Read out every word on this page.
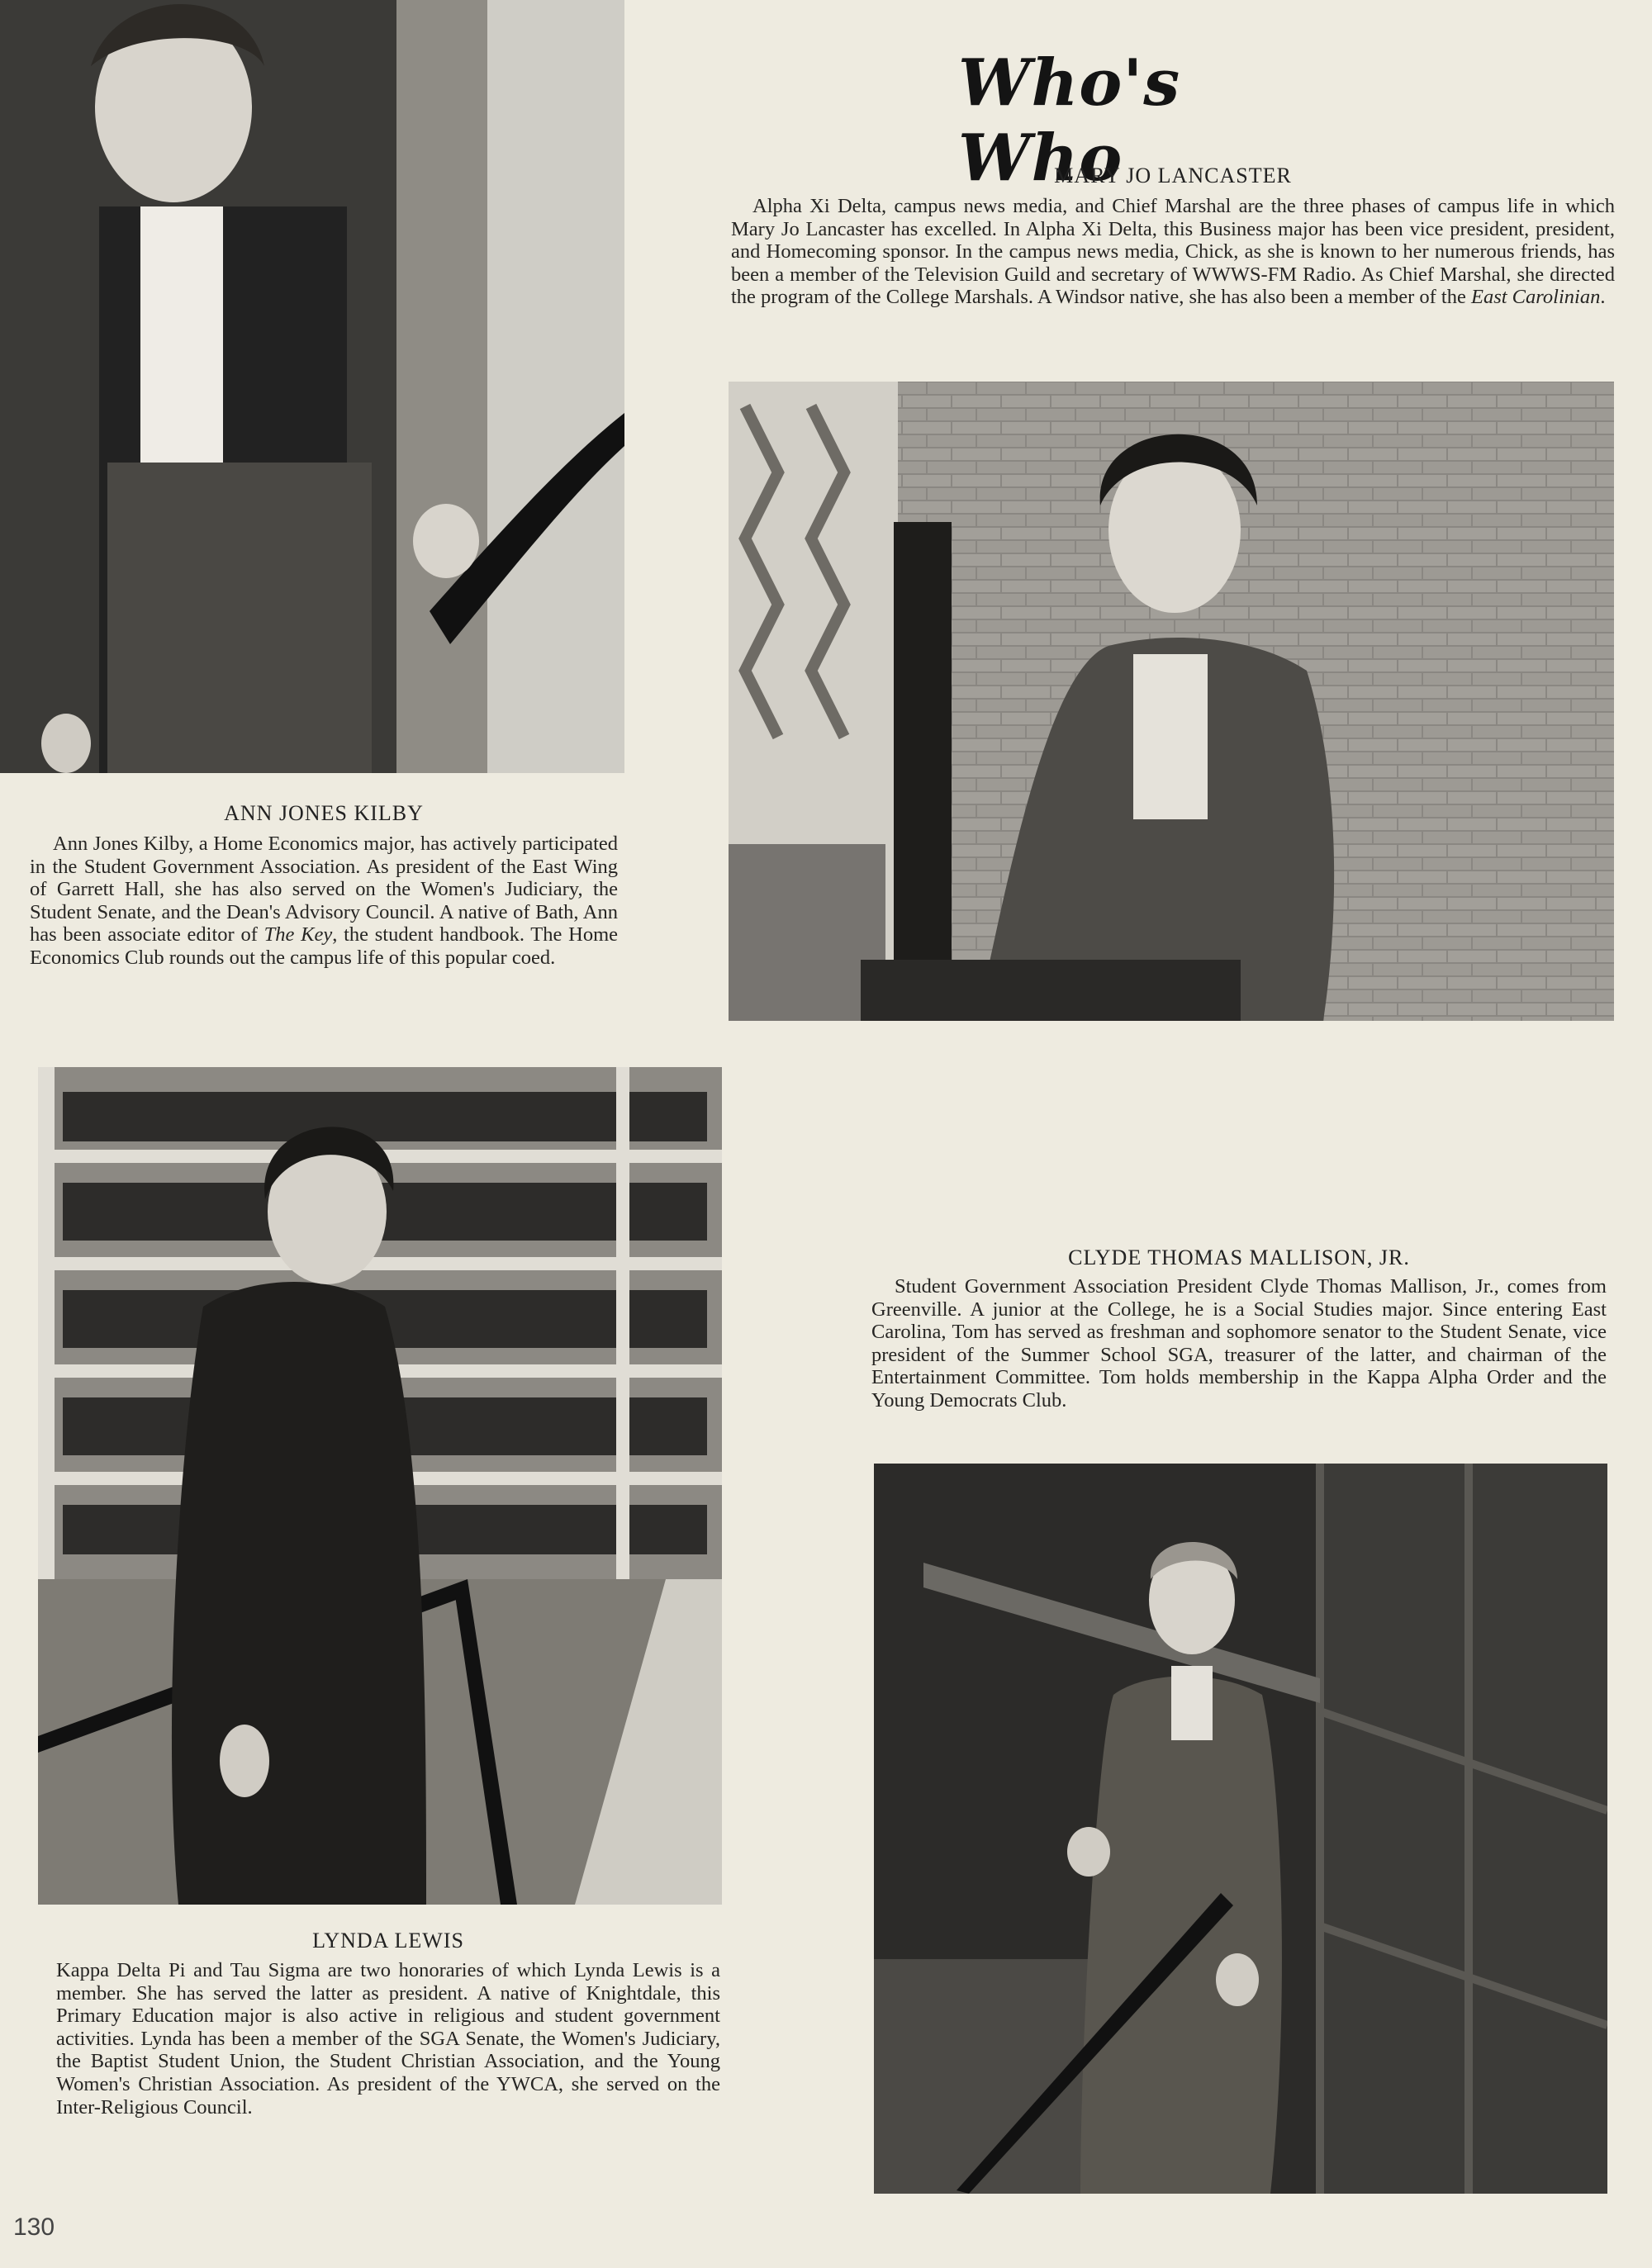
Who's Who
MARY JO LANCASTER

Alpha Xi Delta, campus news media, and Chief Marshal are the three phases of campus life in which Mary Jo Lancaster has excelled. In Alpha Xi Delta, this Business major has been vice president, president, and Homecoming sponsor. In the campus news media, Chick, as she is known to her numerous friends, has been a member of the Television Guild and secretary of WWWS-FM Radio. As Chief Marshal, she directed the program of the College Marshals. A Windsor native, she has also been a member of the East Carolinian.

ANN JONES KILBY

Ann Jones Kilby, a Home Economics major, has actively participated in the Student Government Association. As president of the East Wing of Garrett Hall, she has also served on the Women's Judiciary, the Student Senate, and the Dean's Advisory Council. A native of Bath, Ann has been associate editor of The Key, the student handbook. The Home Economics Club rounds out the campus life of this popular coed.

LYNDA LEWIS

Kappa Delta Pi and Tau Sigma are two honoraries of which Lynda Lewis is a member. She has served the latter as president. A native of Knightdale, this Primary Education major is also active in religious and student government activities. Lynda has been a member of the SGA Senate, the Women's Judiciary, the Baptist Student Union, the Student Christian Association, and the Young Women's Christian Association. As president of the YWCA, she served on the Inter-Religious Council.

CLYDE THOMAS MALLISON, JR.

Student Government Association President Clyde Thomas Mallison, Jr., comes from Greenville. A junior at the College, he is a Social Studies major. Since entering East Carolina, Tom has served as freshman and sophomore senator to the Student Senate, vice president of the Summer School SGA, treasurer of the latter, and chairman of the Entertainment Committee. Tom holds membership in the Kappa Alpha Order and the Young Democrats Club.

130
